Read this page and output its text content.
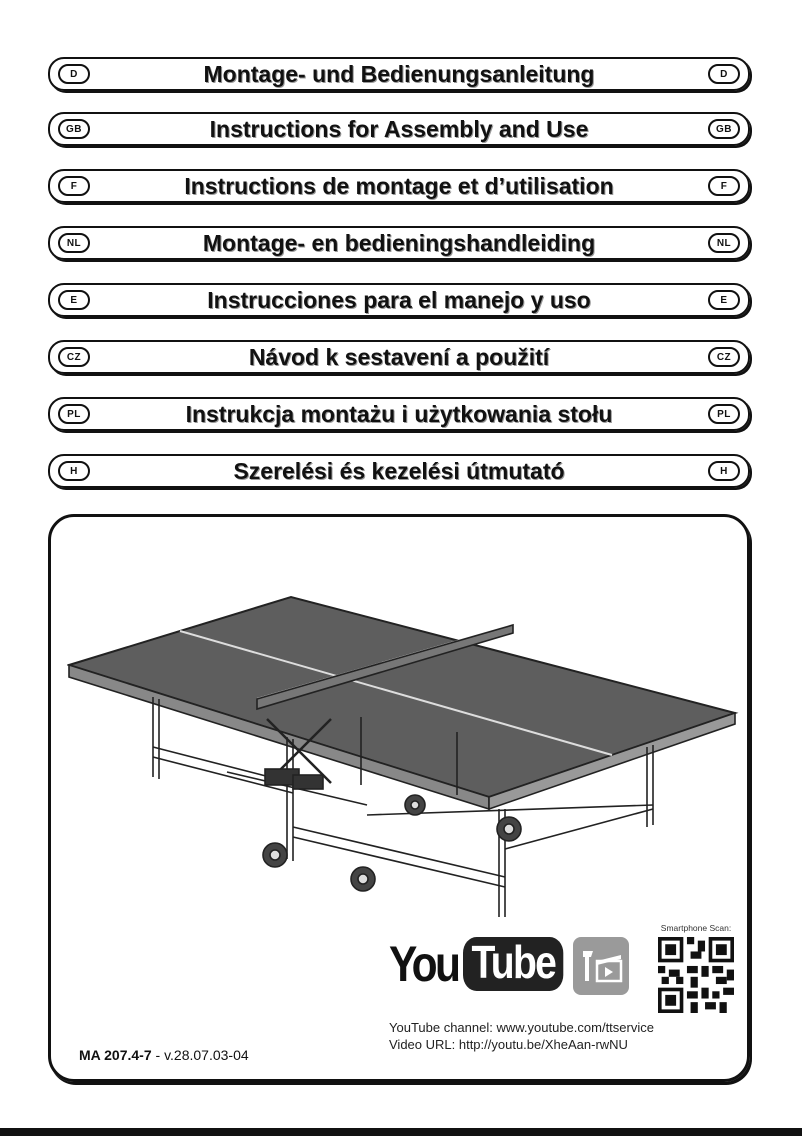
D	Montage- und Bedienungsanleitung	D
GB	Instructions for Assembly and Use	GB
F	Instructions de montage et d’utilisation	F
NL	Montage- en bedieningshandleiding	NL
E	Instrucciones para el manejo y uso	E
CZ	Návod k sestavení a použití	CZ
PL	Instrukcja montażu i użytkowania stołu	PL
H	Szerelési és kezelési útmutató	H
You Tube
Smartphone Scan:
YouTube channel: www.youtube.com/ttservice
Video URL: http://youtu.be/XheAan-rwNU
MA 207.4-7 - v.28.07.03-04
